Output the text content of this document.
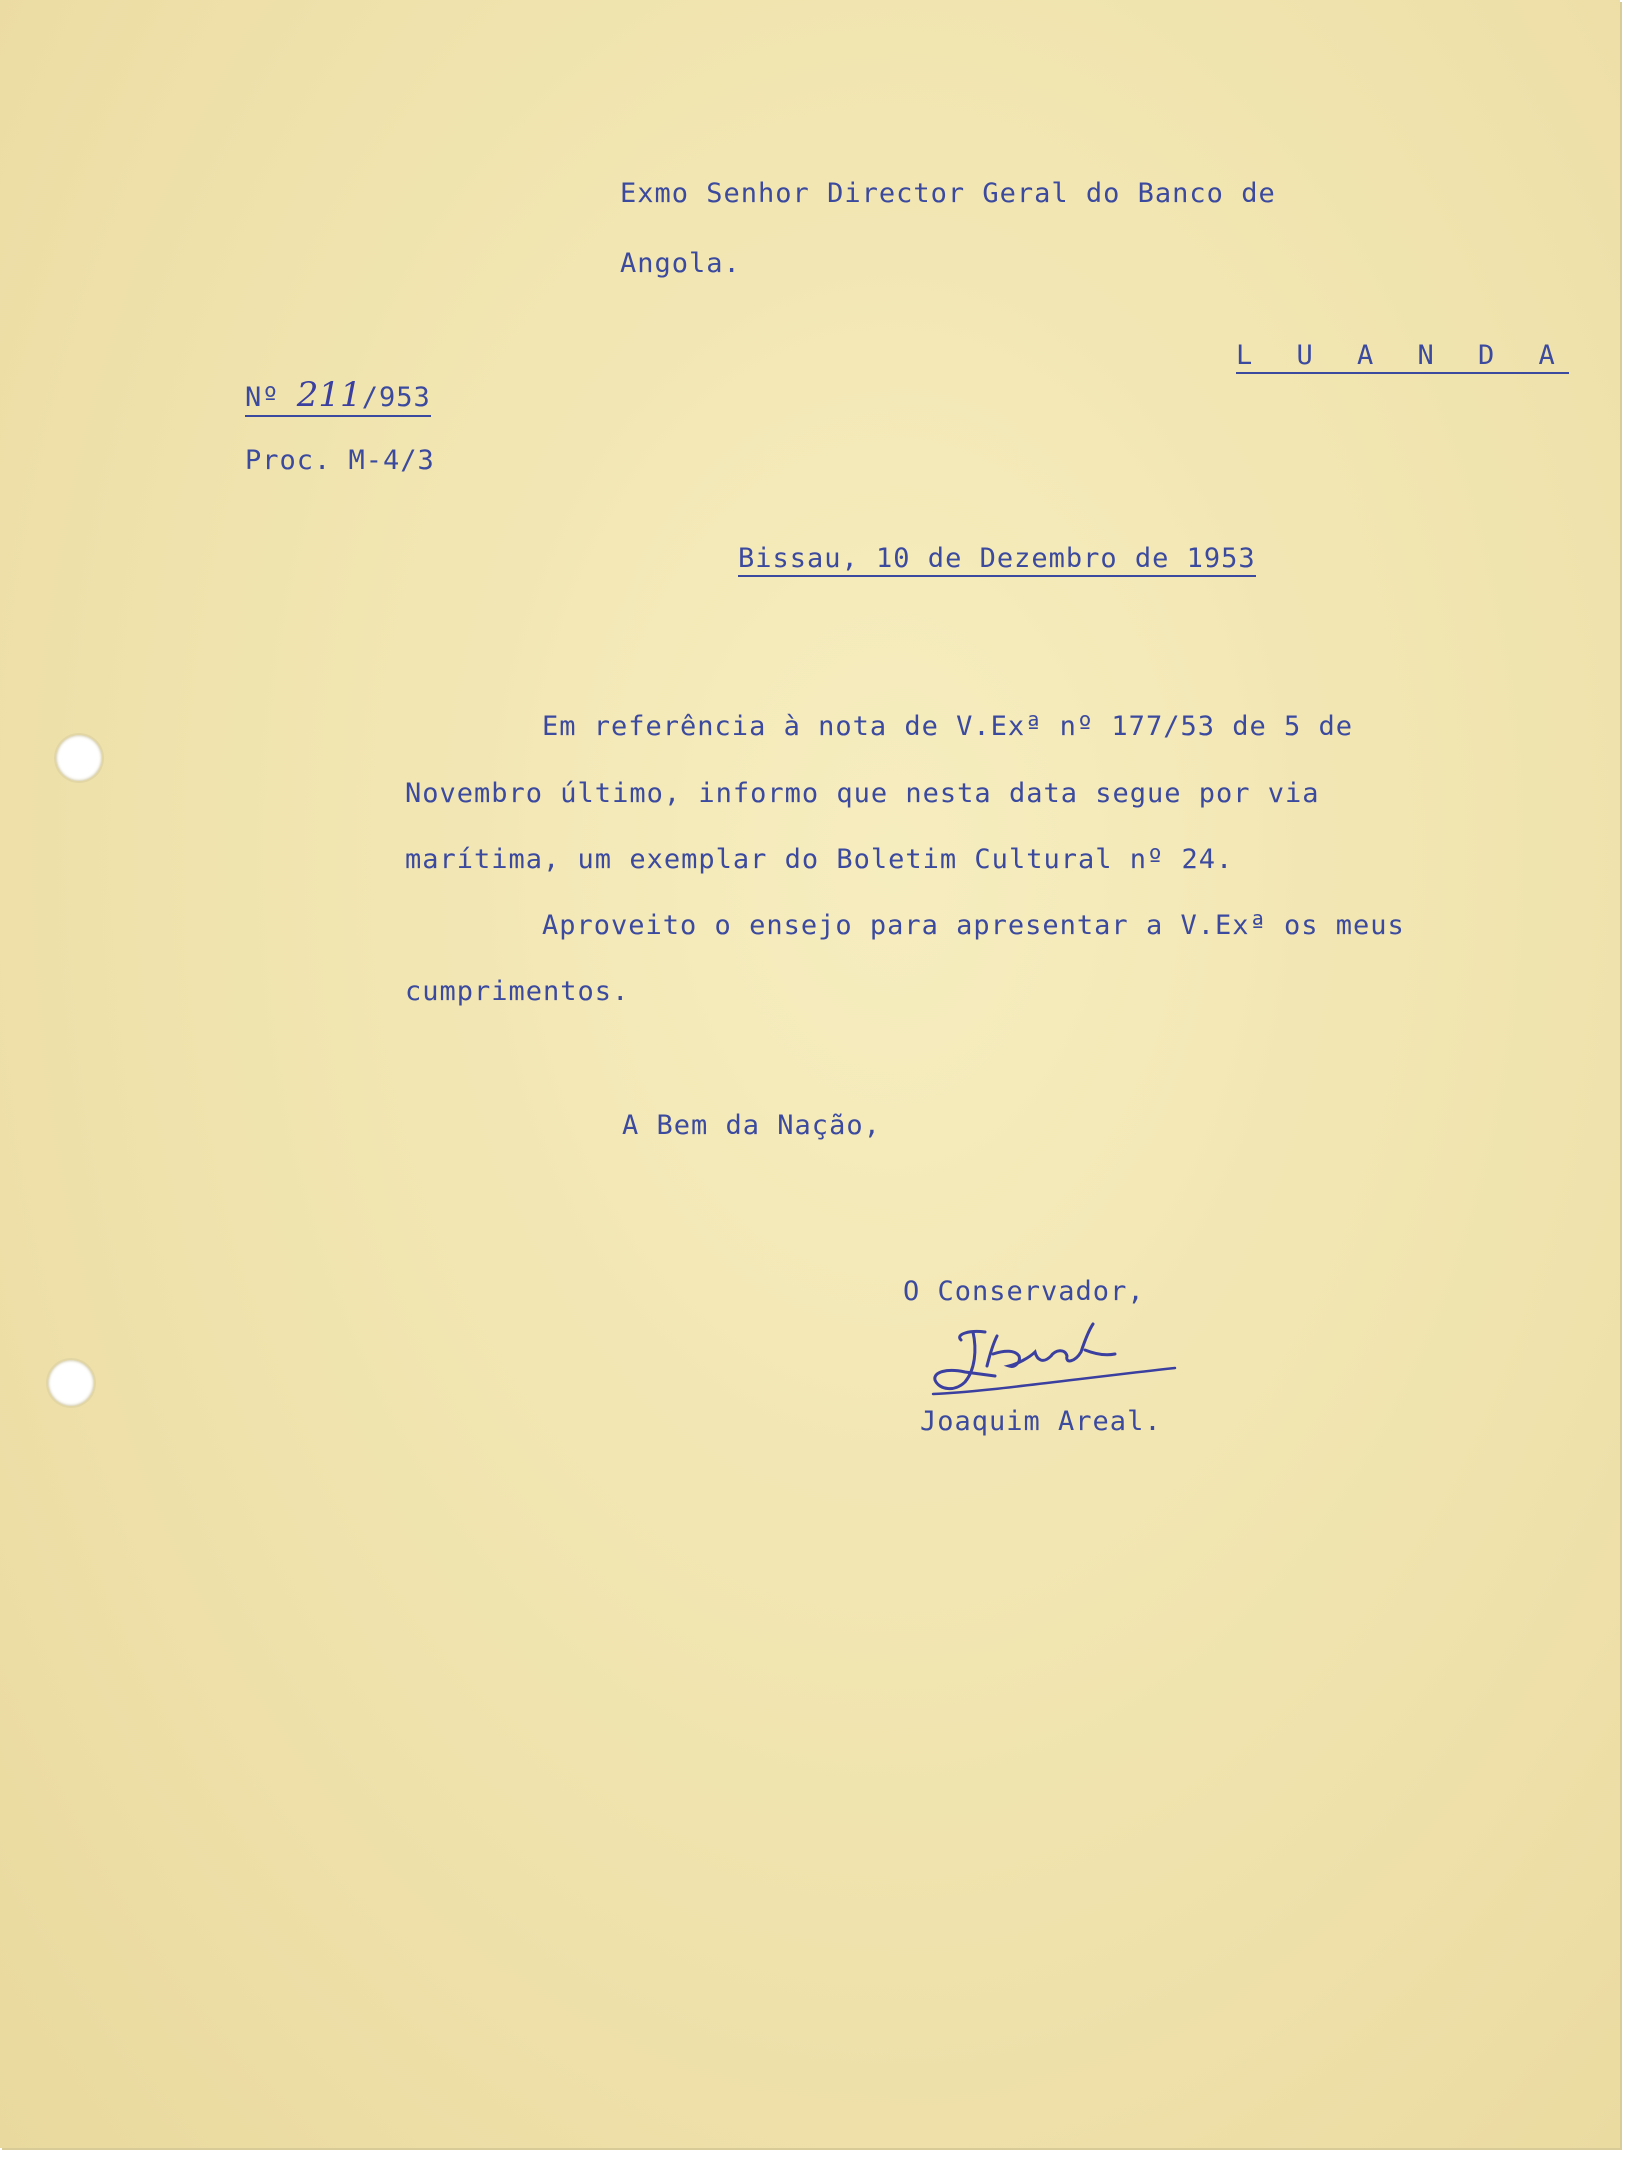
Exmo Senhor Director Geral do Banco de
Angola.
L U A N D A
Nº 211/953
Proc. M-4/3
Bissau, 10 de Dezembro de 1953
Em referência à nota de V.Exª nº 177/53 de 5 de
Novembro último, informo que nesta data segue por via
marítima, um exemplar do Boletim Cultural nº 24.
Aproveito o ensejo para apresentar a V.Exª os meus
cumprimentos.
A Bem da Nação,
O Conservador,
Joaquim Areal.
